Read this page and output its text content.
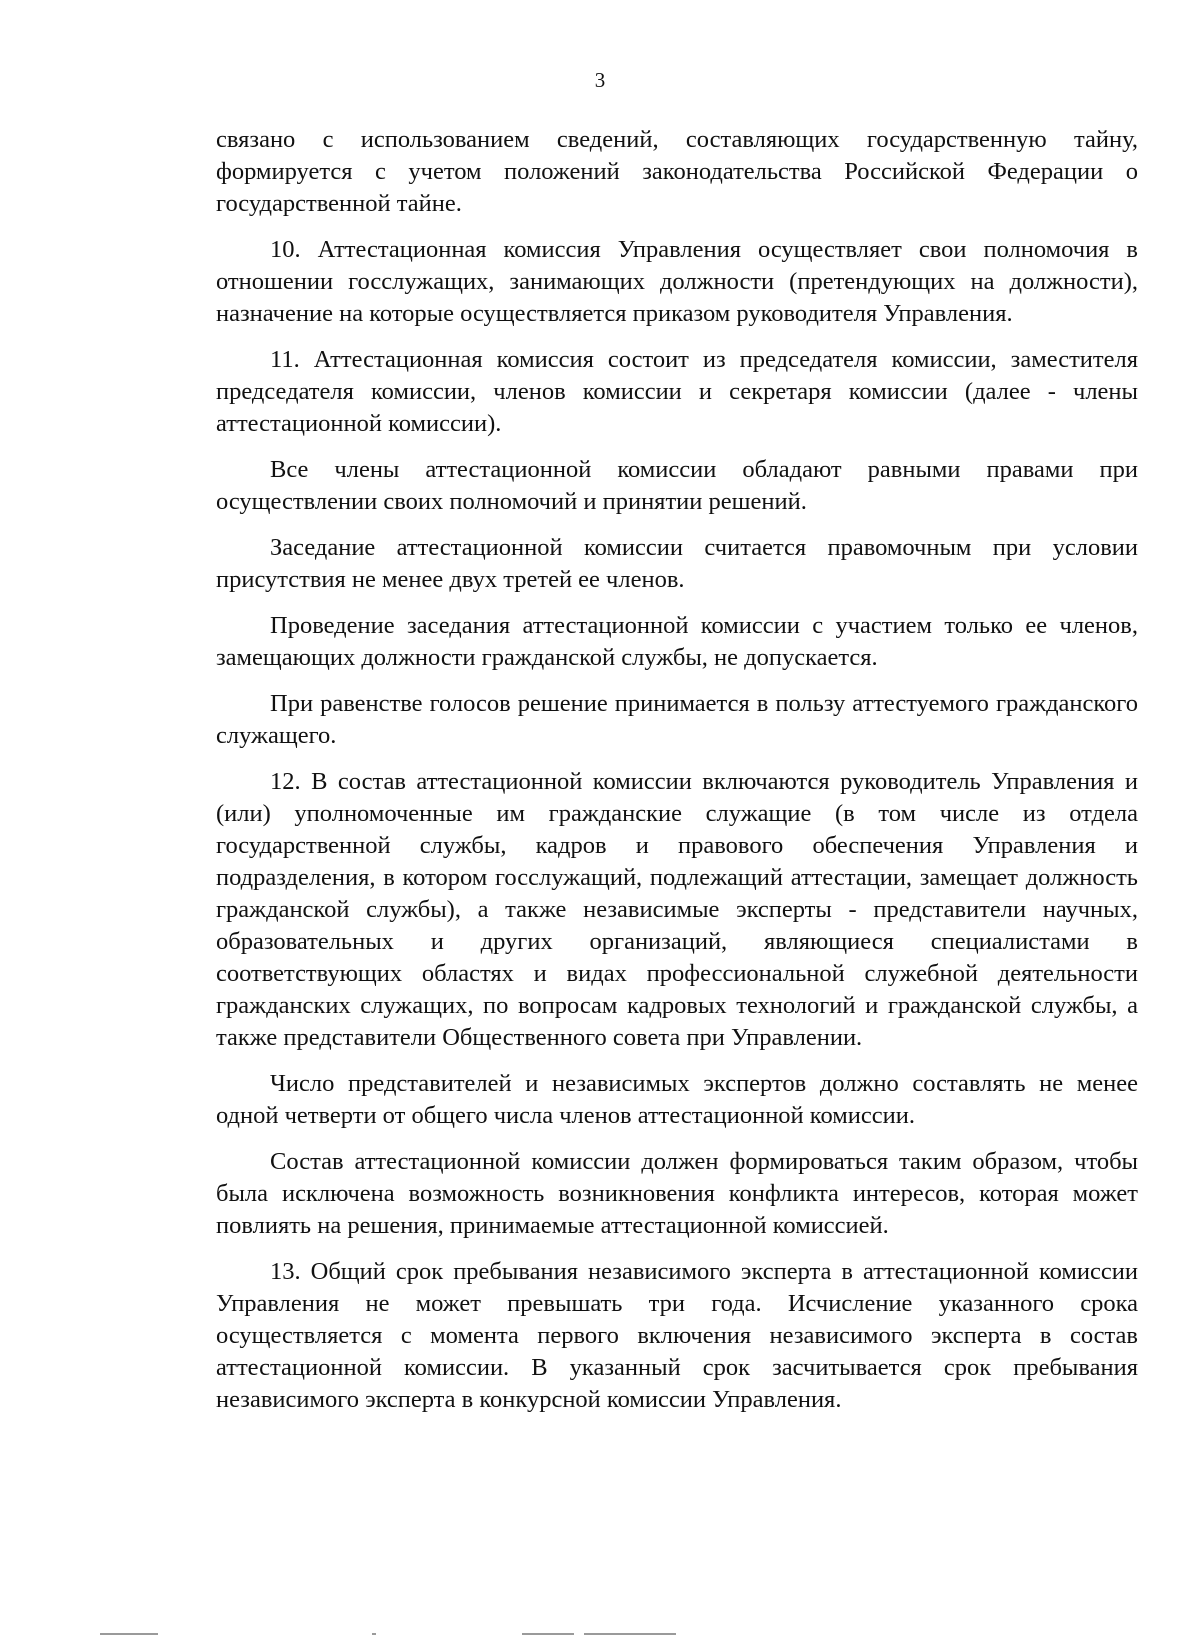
3

связано с использованием сведений, составляющих государственную тайну, формируется с учетом положений законодательства Российской Федерации о государственной тайне.

10. Аттестационная комиссия Управления осуществляет свои полномочия в отношении госслужащих, занимающих должности (претендующих на должности), назначение на которые осуществляется приказом руководителя Управления.

11. Аттестационная комиссия состоит из председателя комиссии, заместителя председателя комиссии, членов комиссии и секретаря комиссии (далее - члены аттестационной комиссии).

Все члены аттестационной комиссии обладают равными правами при осуществлении своих полномочий и принятии решений.

Заседание аттестационной комиссии считается правомочным при условии присутствия не менее двух третей ее членов.

Проведение заседания аттестационной комиссии с участием только ее членов, замещающих должности гражданской службы, не допускается.

При равенстве голосов решение принимается в пользу аттестуемого гражданского служащего.

12. В состав аттестационной комиссии включаются руководитель Управления и (или) уполномоченные им гражданские служащие (в том числе из отдела государственной службы, кадров и правового обеспечения Управления и подразделения, в котором госслужащий, подлежащий аттестации, замещает должность гражданской службы), а также независимые эксперты - представители научных, образовательных и других организаций, являющиеся специалистами в соответствующих областях и видах профессиональной служебной деятельности гражданских служащих, по вопросам кадровых технологий и гражданской службы, а также представители Общественного совета при Управлении.

Число представителей и независимых экспертов должно составлять не менее одной четверти от общего числа членов аттестационной комиссии.

Состав аттестационной комиссии должен формироваться таким образом, чтобы была исключена возможность возникновения конфликта интересов, которая может повлиять на решения, принимаемые аттестационной комиссией.

13. Общий срок пребывания независимого эксперта в аттестационной комиссии Управления не может превышать три года. Исчисление указанного срока осуществляется с момента первого включения независимого эксперта в состав аттестационной комиссии. В указанный срок засчитывается срок пребывания независимого эксперта в конкурсной комиссии Управления.
